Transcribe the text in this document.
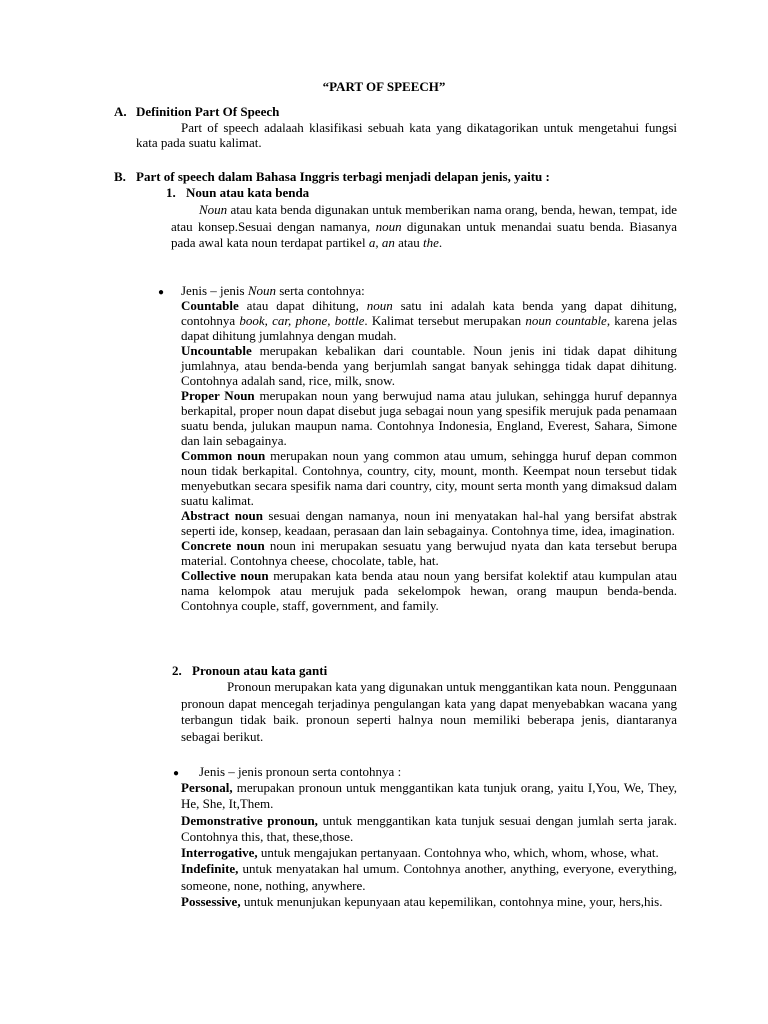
“PART OF SPEECH”
A. Definition Part Of Speech
Part of speech adalaah klasifikasi sebuah kata yang dikatagorikan untuk mengetahui fungsi kata pada suatu kalimat.
B. Part of speech dalam Bahasa Inggris terbagi menjadi delapan jenis, yaitu :
1. Noun atau kata benda
Noun atau kata benda digunakan untuk memberikan nama orang, benda, hewan, tempat, ide atau konsep.Sesuai dengan namanya, noun digunakan untuk menandai suatu benda. Biasanya pada awal kata noun terdapat partikel a, an atau the.
● Jenis – jenis Noun serta contohnya:

Countable atau dapat dihitung, noun satu ini adalah kata benda yang dapat dihitung, contohnya book, car, phone, bottle. Kalimat tersebut merupakan noun countable, karena jelas dapat dihitung jumlahnya dengan mudah.

Uncountable merupakan kebalikan dari countable. Noun jenis ini tidak dapat dihitung jumlahnya, atau benda-benda yang berjumlah sangat banyak sehingga tidak dapat dihitung. Contohnya adalah sand, rice, milk, snow.

Proper Noun merupakan noun yang berwujud nama atau julukan, sehingga huruf depannya berkapital, proper noun dapat disebut juga sebagai noun yang spesifik merujuk pada penamaan suatu benda, julukan maupun nama. Contohnya Indonesia, England, Everest, Sahara, Simone dan lain sebagainya.

Common noun merupakan noun yang common atau umum, sehingga huruf depan common noun tidak berkapital. Contohnya, country, city, mount, month. Keempat noun tersebut tidak menyebutkan secara spesifik nama dari country, city, mount serta month yang dimaksud dalam suatu kalimat.

Abstract noun sesuai dengan namanya, noun ini menyatakan hal-hal yang bersifat abstrak seperti ide, konsep, keadaan, perasaan dan lain sebagainya. Contohnya time, idea, imagination.

Concrete noun noun ini merupakan sesuatu yang berwujud nyata dan kata tersebut berupa material. Contohnya cheese, chocolate, table, hat.

Collective noun merupakan kata benda atau noun yang bersifat kolektif atau kumpulan atau nama kelompok atau merujuk pada sekelompok hewan, orang maupun benda-benda. Contohnya couple, staff, government, and family.

2. Pronoun atau kata ganti
Pronoun merupakan kata yang digunakan untuk menggantikan kata noun. Penggunaan pronoun dapat mencegah terjadinya pengulangan kata yang dapat menyebabkan wacana yang terbangun tidak baik. pronoun seperti halnya noun memiliki beberapa jenis, diantaranya sebagai berikut.
● Jenis – jenis pronoun serta contohnya :

Personal, merupakan pronoun untuk menggantikan kata tunjuk orang, yaitu I,You, We, They, He, She, It,Them.

Demonstrative pronoun, untuk menggantikan kata tunjuk sesuai dengan jumlah serta jarak. Contohnya this, that, these,those.

Interrogative, untuk mengajukan pertanyaan. Contohnya who, which, whom, whose, what.

Indefinite, untuk menyatakan hal umum. Contohnya another, anything, everyone, everything, someone, none, nothing, anywhere.

Possessive, untuk menunjukan kepunyaan atau kepemilikan, contohnya mine, your, hers,his.
